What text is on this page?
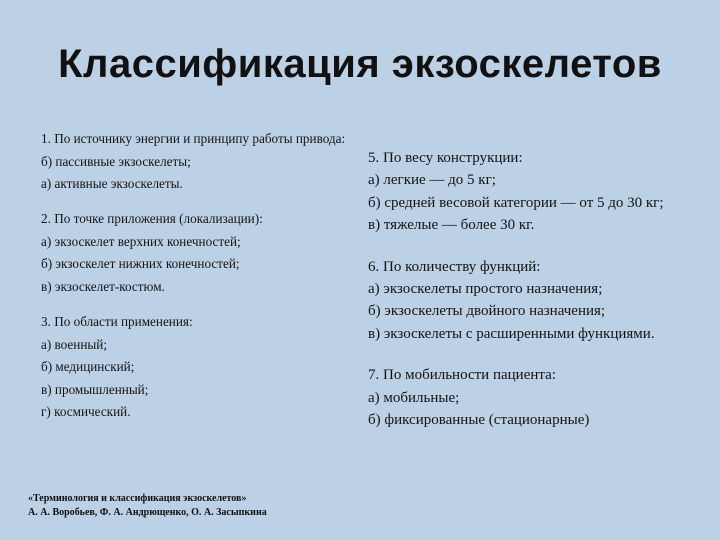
Классификация экзоскелетов
1. По источнику энергии и принципу работы привода:
б) пассивные экзоскелеты;
а) активные экзоскелеты.
2. По точке приложения (локализации):
а) экзоскелет верхних конечностей;
б) экзоскелет нижних конечностей;
в) экзоскелет-костюм.
3. По области применения:
а) военный;
б) медицинский;
в) промышленный;
г) космический.
5. По весу конструкции:
а) легкие — до 5 кг;
б) средней весовой категории — от 5 до 30 кг;
в) тяжелые — более 30 кг.
6. По количеству функций:
а) экзоскелеты простого назначения;
б) экзоскелеты двойного назначения;
в) экзоскелеты с расширенными функциями.
7. По мобильности пациента:
а) мобильные;
б) фиксированные (стационарные)
«Терминология и классификация экзоскелетов»
А. А. Воробьев, Ф. А. Андрющенко, О. А. Засыпкина
